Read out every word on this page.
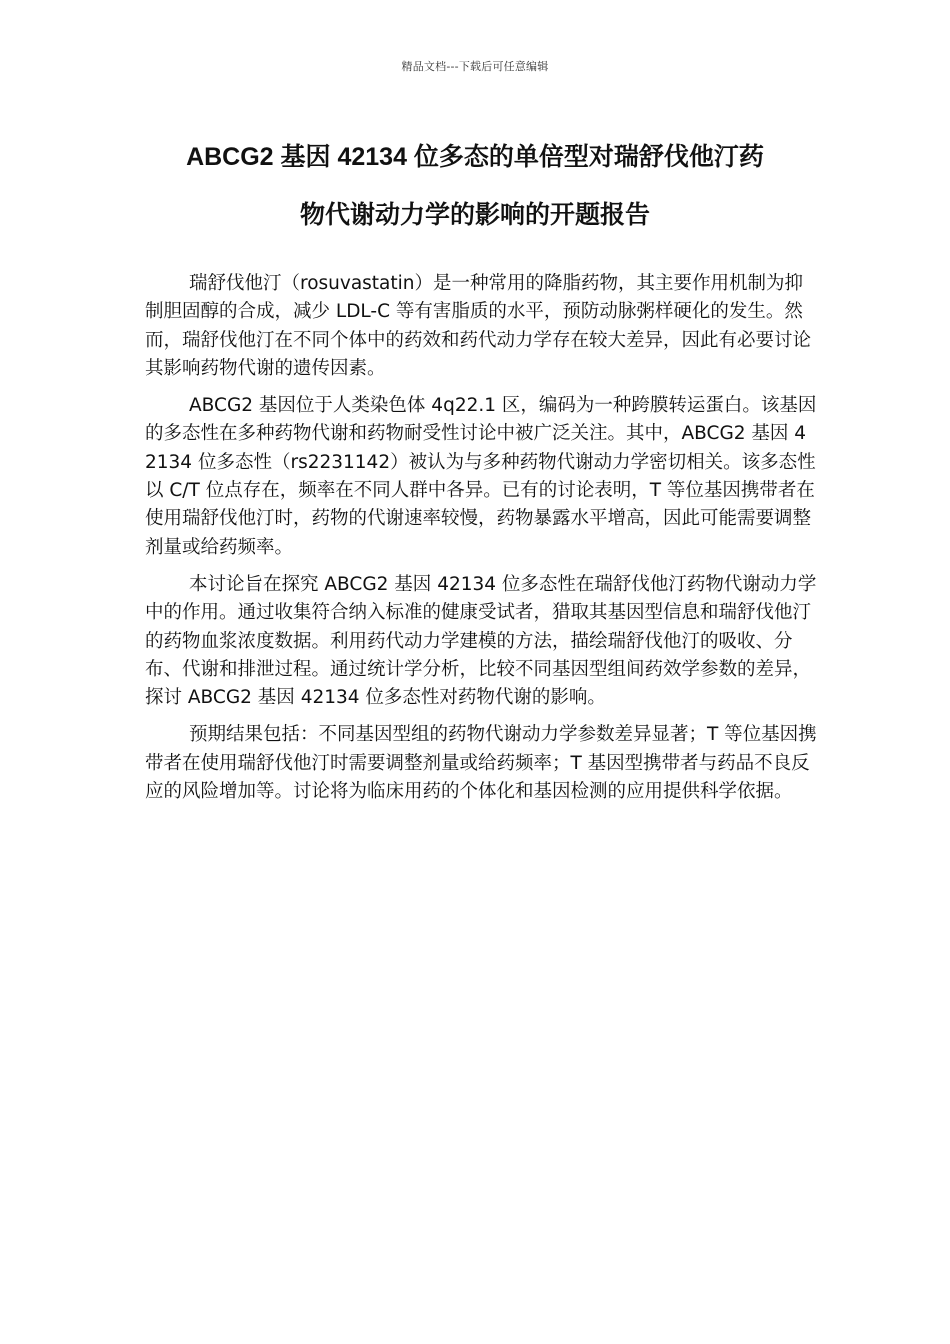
精品文档---下载后可任意编辑
ABCG2 基因 42134 位多态的单倍型对瑞舒伐他汀药
物代谢动力学的影响的开题报告

瑞舒伐他汀（rosuvastatin）是一种常用的降脂药物，其主要作用机制为抑制胆固醇的合成，减少 LDL-C 等有害脂质的水平，预防动脉粥样硬化的发生。然而，瑞舒伐他汀在不同个体中的药效和药代动力学存在较大差异，因此有必要讨论其影响药物代谢的遗传因素。

ABCG2 基因位于人类染色体 4q22.1 区，编码为一种跨膜转运蛋白。该基因的多态性在多种药物代谢和药物耐受性讨论中被广泛关注。其中，ABCG2 基因 42134 位多态性（rs2231142）被认为与多种药物代谢动力学密切相关。该多态性以 C/T 位点存在，频率在不同人群中各异。已有的讨论表明，T 等位基因携带者在使用瑞舒伐他汀时，药物的代谢速率较慢，药物暴露水平增高，因此可能需要调整剂量或给药频率。

本讨论旨在探究 ABCG2 基因 42134 位多态性在瑞舒伐他汀药物代谢动力学中的作用。通过收集符合纳入标准的健康受试者，猎取其基因型信息和瑞舒伐他汀的药物血浆浓度数据。利用药代动力学建模的方法，描绘瑞舒伐他汀的吸收、分布、代谢和排泄过程。通过统计学分析，比较不同基因型组间药效学参数的差异，探讨 ABCG2 基因 42134 位多态性对药物代谢的影响。

预期结果包括：不同基因型组的药物代谢动力学参数差异显著；T 等位基因携带者在使用瑞舒伐他汀时需要调整剂量或给药频率；T 基因型携带者与药品不良反应的风险增加等。讨论将为临床用药的个体化和基因检测的应用提供科学依据。
